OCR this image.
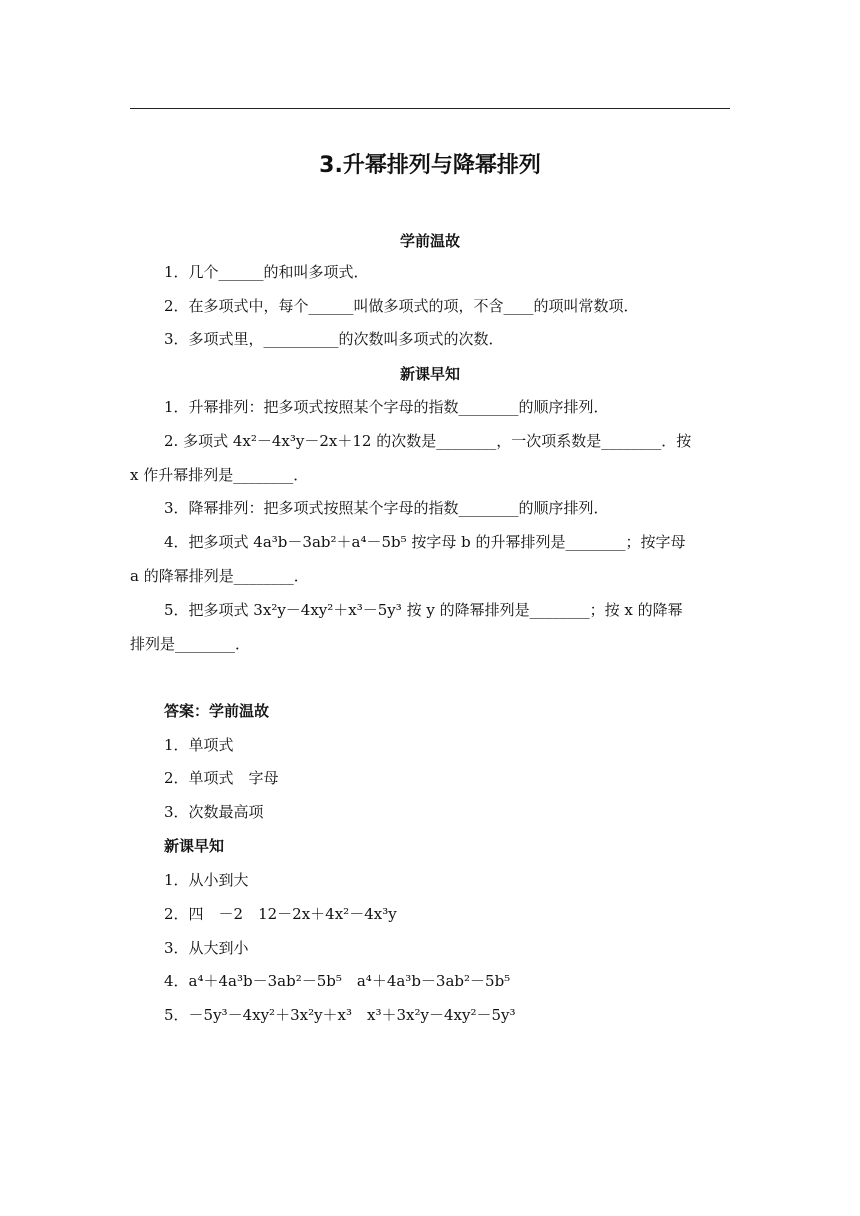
3.升幂排列与降幂排列
学前温故
1．几个______的和叫多项式．
2．在多项式中，每个______叫做多项式的项，不含____的项叫常数项．
3．多项式里，__________的次数叫多项式的次数．
新课早知
1．升幂排列：把多项式按照某个字母的指数________的顺序排列．
2. 多项式 4x²－4x³y－2x＋12 的次数是________，一次项系数是________．按
x 作升幂排列是________．
3．降幂排列：把多项式按照某个字母的指数________的顺序排列．
4．把多项式 4a³b－3ab²＋a⁴－5b⁵ 按字母 b 的升幂排列是________；按字母
a 的降幂排列是________．
5．把多项式 3x²y－4xy²＋x³－5y³ 按 y 的降幂排列是________；按 x 的降幂
排列是________．
答案：学前温故
1．单项式
2．单项式　字母
3．次数最高项
新课早知
1．从小到大
2．四　－2　12－2x＋4x²－4x³y
3．从大到小
4．a⁴＋4a³b－3ab²－5b⁵　a⁴＋4a³b－3ab²－5b⁵
5．－5y³－4xy²＋3x²y＋x³　x³＋3x²y－4xy²－5y³
